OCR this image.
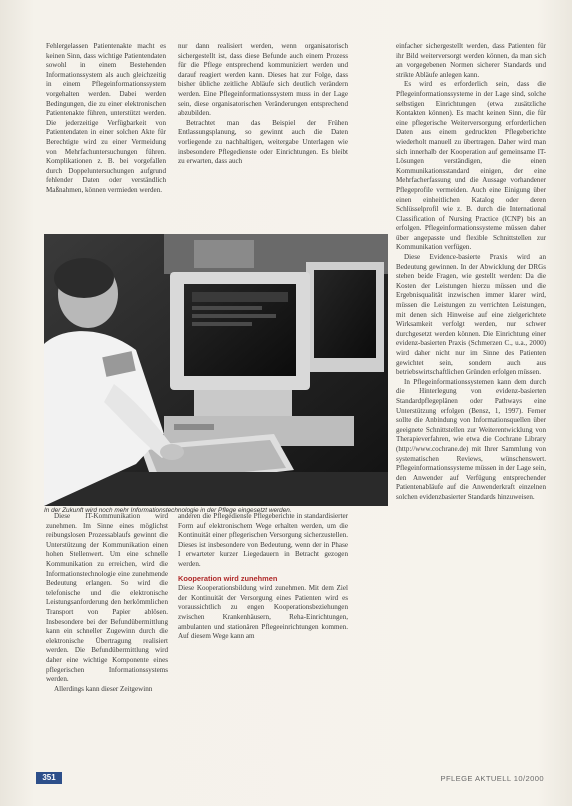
Fehlergelassen Patientenakte macht es keinen Sinn, dass wichtige Patientendaten sowohl in einem Bestehenden Informationssystem als auch gleichzeitig in einem Pflegeinformationssystem vorgehalten werden. Dabei werden Bedingungen, die zu einer elektronischen Patientenakte führen, unterstützt werden. Die jederzeitige Verfügbarkeit von Patientendaten in einer solchen Akte für Berechtigte wird zu einer Vermeidung von Mehrfachuntersuchungen führen. Komplikationen z. B. bei vorgefallen durch Doppeluntersuchungen aufgrund fehlender Daten oder verständlich Maßnahmen, können vermieden werden.

nur dann realisiert werden, wenn organisatorisch sichergestellt ist, dass diese Befunde auch einem Prozess für die Pflege entsprechend kommuniziert werden und darauf reagiert werden kann. Dieses hat zur Folge, dass bisher übliche zeitliche Abläufe sich deutlich verändern werden. Eine Pflegeinformationssystem muss in der Lage sein, diese organisatorischen Veränderungen entsprechend abzubilden.

Betrachtet man das Beispiel der Frühen Entlassungsplanung, so gewinnt auch die Daten vorliegende zu nachhaltigen, weitergabe Unterlagen wie insbesondere Pflegedienste oder Einrichtungen. Es bleibt zu erwarten, dass auch

einfacher sichergestellt werden, dass Patienten für ihr Bild weiterversorgt werden können, da man sich an vorgegebenen Normen sicherer Standards und strikte Abläufe anlegen kann.

Es wird es erforderlich sein, dass die Pflegeinformationssysteme in der Lage sind, solche selbstigen Einrichtungen (etwa zusätzliche Kontakten können). Es macht keinen Sinn, die für eine pflegerische Weiterversorgung erforderlichen Daten aus einem gedruckten Pflegeberichte wiederholt manuell zu übertragen. Daher wird man sich innerhalb der Kooperation auf gemeinsame IT-Lösungen verständigen, die einen Kommunikationsstandard einigen, der eine Mehrfacherfassung und die Aussage vorhandener Pflegeprofile vermeiden. Auch eine Einigung über einen einheitlichen Katalog oder deren Schlüsselprofil wie z. B. durch die International Classification of Nursing Practice (ICNP) bis an erfolgen. Pflegeinformationssysteme müssen daher über angepasste und flexible Schnittstellen zur Kommunikation verfügen.

Diese Evidence-basierte Praxis wird an Bedeutung gewinnen. In der Abwicklung der DRGs stehen beide Fragen, wie gestellt werden: Da die Kosten der Leistungen hierzu müssen und die Ergebnisqualität inzwischen immer klarer wird, müssen die Leistungen zu verrichten Leistungen, mit denen sich Hinweise auf eine zielgerichtete Wirksamkeit verfolgt werden, nur schwer durchgesetzt werden können. Die Einrichtung einer evidenz-basierten Praxis (Schmerzen C., u.a., 2000) wird daher nicht nur im Sinne des Patienten gewichtet sein, sondern auch aus betriebswirtschaftlichen Gründen erfolgen müssen.

In Pflegeinformationssystemen kann dem durch die Hinterlegung von evidenz-basierten Standardpflegeplänen oder Pathways eine Unterstützung erfolgen (Bensz, 1, 1997). Ferner sollte die Anbindung von Informationsquellen über geeignete Schnittstellen zur Weiterentwicklung von Therapieverfahren, wie etwa die Cochrane Library (http://www.cochrane.de) mit Ihrer Sammlung von systematischen Reviews, wünschenswert. Pflegeinformationssysteme müssen in der Lage sein, den Anwender auf Verfügung entsprechender Patientenabläufe auf die Anwenderkraft einzelnen solchen evidenzbasierter Standards hinzuweisen.

In der Zukunft wird noch mehr Informationstechnologie in der Pflege eingesetzt werden.

Diese IT-Kommunikation wird zunehmen. Im Sinne eines möglichst reibungslosen Prozessablaufs gewinnt die Unterstützung der Kommunikation einen hohen Stellenwert. Um eine schnelle Kommunikation zu erreichen, wird die Informationstechnologie eine zunehmende Bedeutung erlangen. So wird die telefonische und die elektronische Leistungsanforderung den herkömmlichen Transport von Papier ablösen. Insbesondere bei der Befundübermittlung kann ein schneller Zugewinn durch die elektronische Übertragung realisiert werden. Die Befundübermittlung wird daher eine wichtige Komponente eines pflegerischen Informationssystems werden.

Allerdings kann dieser Zeitgewinn

anderen die Pflegedienste Pflegeberichte in standardisierter Form auf elektronischem Wege erhalten werden, um die Kontinuität einer pflegerischen Versorgung sicherzustellen. Dieses ist insbesondere von Bedeutung, wenn der in Phase I erwarteter kurzer Liegedauern in Betracht gezogen werden.

Kooperation wird zunehmen

Diese Kooperationsbildung wird zunehmen. Mit dem Ziel der Kontinuität der Versorgung eines Patienten wird es voraussichtlich zu engen Kooperationsbeziehungen zwischen Krankenhäusern, Reha-Einrichtungen, ambulanten und stationären Pflegeeinrichtungen kommen. Auf diesem Wege kann am

351	PFLEGE AKTUELL 10/2000
